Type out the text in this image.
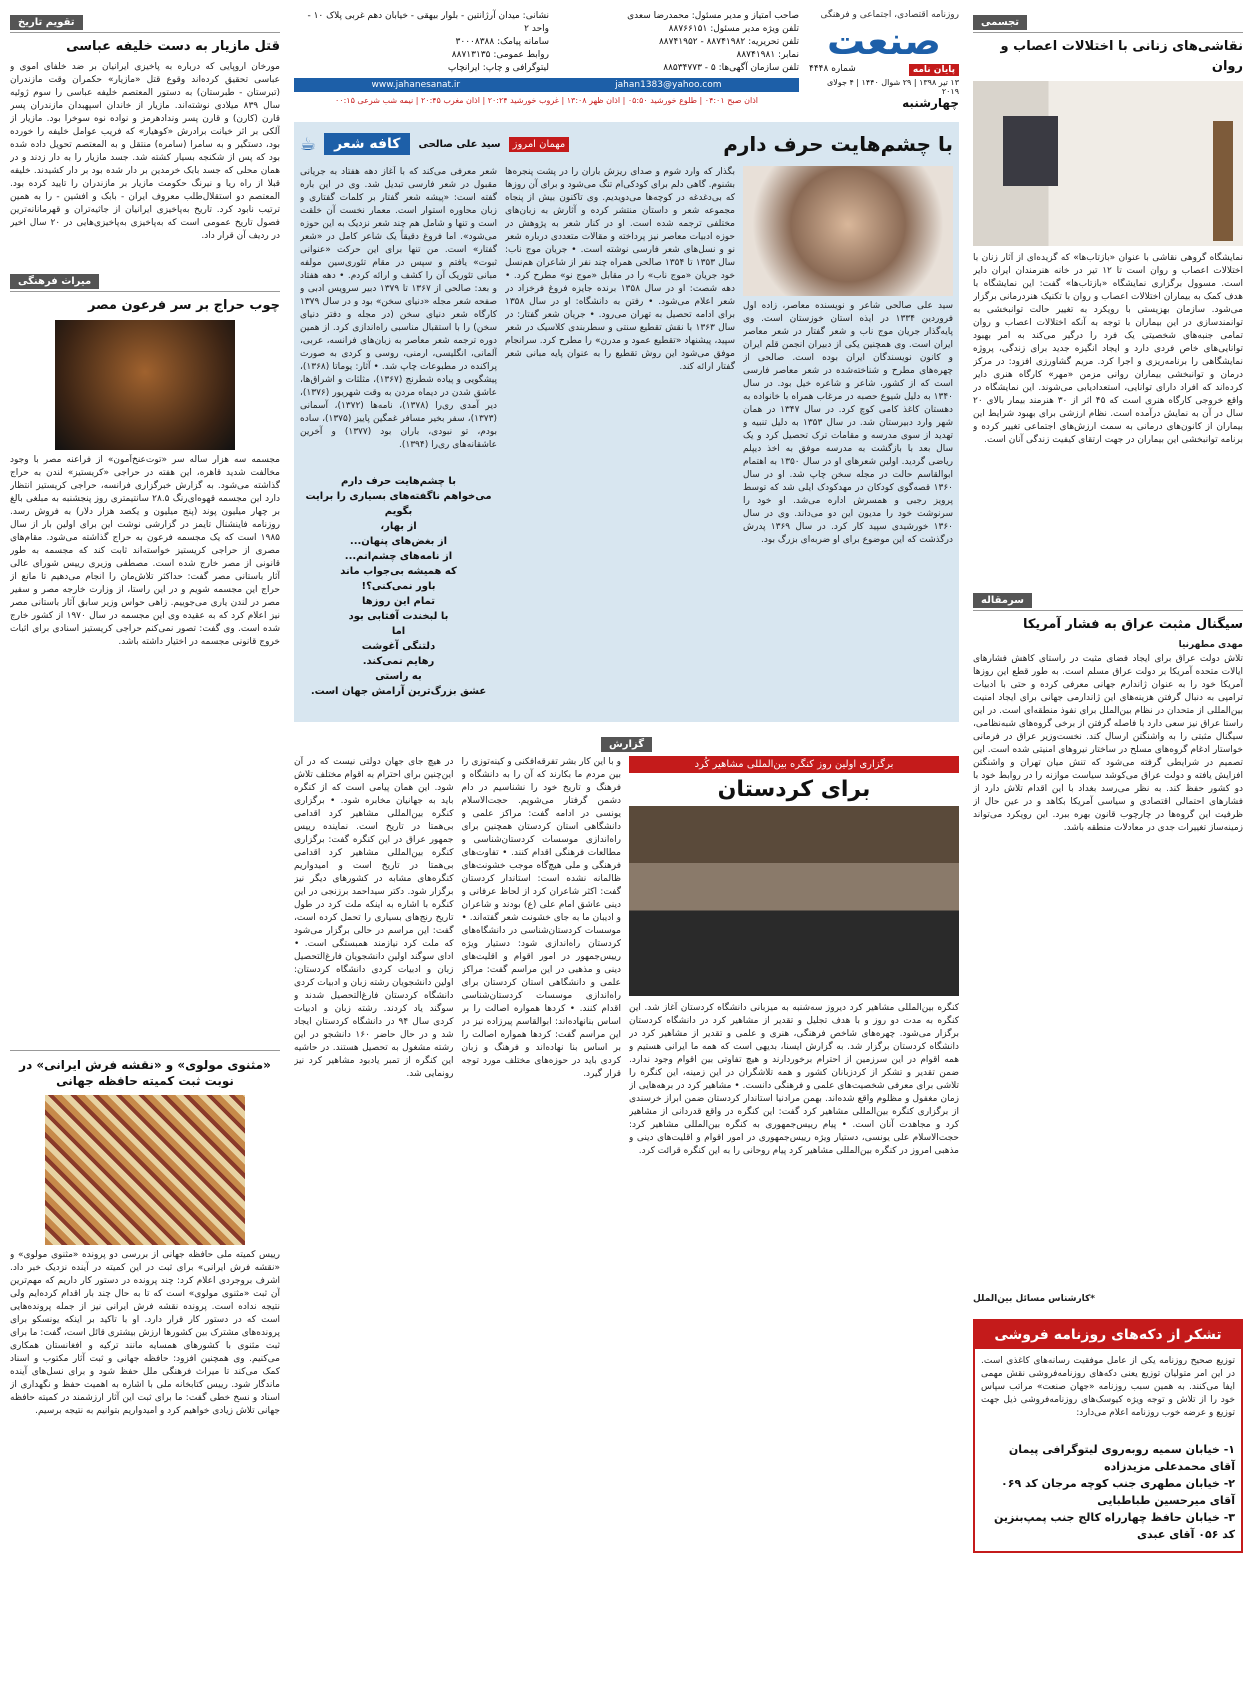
تقویم تاریخ
قتل مازیار به دست خلیفه عباسی
مورخان اروپایی که درباره به پاخیزی ایرانیان بر ضد خلفای اموی و عباسی تحقیق کرده‌اند وقوع قتل «مازیار» حکمران وقت مازندران (تبرستان - طبرستان) به دستور المعتصم خلیفه عباسی را سوم ژوئیه سال ۸۳۹ میلادی نوشته‌اند. مازیار از خاندان اسپهبدان مازندران پسر قارن (کارن) و قارن پسر وندادهرمز و نواده نوه سوخرا بود. مازیار از آلکی بر اثر خیانت برادرش «کوهیار» که فریب عوامل خلیفه را خورده بود، دستگیر و به سامرا (سامره) منتقل و به المعتصم تحویل داده شده بود که پس از شکنجه بسیار کشته شد. جسد مازیار را به دار زدند و در همان محلی که جسد بابک خرمدین بر دار شده بود بر دار کشیدند. خلیفه قبلا از راه ریا و نیرنگ حکومت مازیار بر مازندران را تایید کرده بود. المعتصم دو استقلال‌طلب معروف ایران - بابک و افشین - را به همین ترتیب نابود کرد. تاریخ به‌پاخیزی ایرانیان از جاثیه‌تران و قهرمانانه‌ترین فصول تاریخ عمومی است که به‌پاخیزی به‌پاخیزی‌هایی در ۲۰ سال اخیر در ردیف آن قرار داد.
میراث فرهنگی
چوب حراج بر سر فرعون مصر
مجسمه سه هزار ساله سر «توت‌عنخ‌آمون» از فراعنه مصر با وجود مخالفت شدید قاهره، این هفته در حراجی «کریستیز» لندن به حراج گذاشته می‌شود. به گزارش خبرگزاری فرانسه، حراجی کریستیز انتظار دارد این مجسمه قهوه‌ای‌رنگ ۲۸.۵ سانتیمتری روز پنجشنبه به مبلغی بالغ بر چهار میلیون پوند (پنج میلیون و یکصد هزار دلار) به فروش رسد. روزنامه فاینشنال تایمز در گزارشی نوشت این برای اولین بار از سال ۱۹۸۵ است که یک مجسمه فرعون به حراج گذاشته می‌شود. مقام‌های مصری از حراجی کریستیز خواسته‌اند ثابت کند که مجسمه به طور قانونی از مصر خارج شده است. مصطفی وزیری رییس شورای عالی آثار باستانی مصر گفت: حداکثر تلاش‌مان را انجام می‌دهیم تا مانع از حراج این مجسمه شویم و در این راستا، از وزارت خارجه مصر و سفیر مصر در لندن یاری می‌جوییم. زاهی حواس وزیر سابق آثار باستانی مصر نیز اعلام کرد که به عقیده وی این مجسمه در سال ۱۹۷۰ از کشور خارج شده است. وی گفت: تصور نمی‌کنم حراجی کریستیز اسنادی برای اثبات خروج قانونی مجسمه در اختیار داشته باشد.
«مثنوی مولوی» و «نقشه فرش ایرانی» در نوبت ثبت کمیته حافظه جهانی
رییس کمیته ملی حافظه جهانی از بررسی دو پرونده «مثنوی مولوی» و «نقشه فرش ایرانی» برای ثبت در این کمیته در آینده نزدیک خبر داد. اشرف بروجردی اعلام کرد: چند پرونده در دستور کار داریم که مهم‌ترین آن ثبت «مثنوی مولوی» است که تا به حال چند بار اقدام کرده‌ایم ولی نتیجه نداده است. پرونده نقشه فرش ایرانی نیز از جمله پرونده‌هایی است که در دستور کار قرار دارد. او با تاکید بر اینکه یونسکو برای پرونده‌های مشترک بین کشورها ارزش بیشتری قائل است، گفت: ما برای ثبت مثنوی با کشورهای همسایه مانند ترکیه و افغانستان همکاری می‌کنیم. وی همچنین افزود: حافظه جهانی و ثبت آثار مکتوب و اسناد کمک می‌کند تا میراث فرهنگی ملل حفظ شود و برای نسل‌های آینده ماندگار شود. رییس کتابخانه ملی با اشاره به اهمیت حفظ و نگهداری از اسناد و نسخ خطی گفت: ما برای ثبت این آثار ارزشمند در کمیته حافظه جهانی تلاش زیادی خواهیم کرد و امیدواریم بتوانیم به نتیجه برسیم.
تجسمی
نقاشی‌های زنانی با اختلالات اعصاب و روان
نمایشگاه گروهی نقاشی با عنوان «بازتاب‌ها» که گزیده‌ای از آثار زنان با اختلالات اعصاب و روان است تا ۱۲ تیر در خانه هنرمندان ایران دایر است. مسوول برگزاری نمایشگاه «بازتاب‌ها» گفت: این نمایشگاه با هدف کمک به بیماران اختلالات اعصاب و روان با تکنیک هنردرمانی برگزار می‌شود. سازمان بهزیستی با رویکرد به تغییر حالت توانبخشی به توانمندسازی در این بیماران با توجه به آنکه اختلالات اعصاب و روان تمامی جنبه‌های شخصیتی یک فرد را درگیر می‌کند به امر بهبود توانایی‌های خاص فردی دارد و ایجاد انگیزه جدید برای زندگی، پروژه نمایشگاهی را برنامه‌ریزی و اجرا کرد. مریم گشاورزی افزود: در مرکز درمان و توانبخشی بیماران روانی مزمن «مهر» کارگاه هنری دایر کرده‌اند که افراد دارای توانایی، استعدادیابی می‌شوند. این نمایشگاه در واقع خروجی کارگاه هنری است که ۴۵ اثر از ۳۰ هنرمند بیمار بالای ۲۰ سال در آن به نمایش درآمده است. نظام ارزشی برای بهبود شرایط این بیماران از کانون‌های درمانی به سمت ارزش‌های اجتماعی تغییر کرده و برنامه توانبخشی این بیماران در جهت ارتقای کیفیت زندگی آنان است.
سرمقاله
سیگنال مثبت عراق به فشار آمریکا
مهدی مطهرنیا
تلاش دولت عراق برای ایجاد فضای مثبت در راستای کاهش فشارهای ایالات متحده آمریکا بر دولت عراق مسلم است. به طور قطع این روزها آمریکا خود را به عنوان ژاندارم جهانی معرفی کرده و حتی با ادبیات ترامپی به دنبال گرفتن هزینه‌های این ژاندارمی جهانی برای ایجاد امنیت بین‌المللی از متحدان در نظام بین‌الملل برای نفوذ منطقه‌ای است. در این راستا عراق نیز سعی دارد با فاصله گرفتن از برخی گروه‌های شبه‌نظامی، سیگنال مثبتی را به واشنگتن ارسال کند. نخست‌وزیر عراق در فرمانی خواستار ادغام گروه‌های مسلح در ساختار نیروهای امنیتی شده است. این تصمیم در شرایطی گرفته می‌شود که تنش میان تهران و واشنگتن افزایش یافته و دولت عراق می‌کوشد سیاست موازنه را در روابط خود با دو کشور حفظ کند. به نظر می‌رسد بغداد با این اقدام تلاش دارد از فشارهای احتمالی اقتصادی و سیاسی آمریکا بکاهد و در عین حال از ظرفیت این گروه‌ها در چارچوب قانون بهره ببرد. این رویکرد می‌تواند زمینه‌ساز تغییرات جدی در معادلات منطقه باشد.
*کارشناس مسائل بین‌الملل
تشکر از دکه‌های روزنامه فروشی
توزیع صحیح روزنامه یکی از عامل موفقیت رسانه‌های کاغذی است. در این امر متولیان توزیع یعنی دکه‌های روزنامه‌فروشی نقش مهمی ایفا می‌کنند. به همین سبب روزنامه «جهان صنعت» مراتب سپاس خود را از تلاش و توجه ویژه کیوسک‌های روزنامه‌فروشی ذیل جهت توزیع و عرضه خوب روزنامه اعلام می‌دارد:
۱- خیابان سمیه روبه‌روی لیتوگرافی پیمان آقای محمدعلی مزیدزاده
۲- خیابان مطهری جنب کوچه مرجان کد ۰۶۹ آقای میرحسین طباطبایی
۳- خیابان حافظ چهارراه کالج جنب پمپ‌بنزین کد ۰۵۶ آقای عبدی
روزنامه اقتصادی، اجتماعی و فرهنگی
صنعت
پایان نامه
شماره ۴۴۴۸
۱۳ تیر ۱۳۹۸ | ۲۹ شوال ۱۴۴۰ | ۴ جولای ۲۰۱۹
چهارشنبه
صاحب امتیاز و مدیر مسئول: محمدرضا سعدی
تلفن ویژه مدیر مسئول: ۸۸۷۶۶۱۵۱
تلفن تحریریه: ۸۸۷۴۱۹۸۲ - ۸۸۷۴۱۹۵۲
نمابر: ۸۸۷۴۱۹۸۱
تلفن سازمان آگهی‌ها: ۵ - ۸۸۵۳۴۷۷۳
نشانی: میدان آرژانتین - بلوار بیهقی - خیابان دهم غربی پلاک ۱۰ - واحد ۲
سامانه پیامک: ۳۰۰۰۸۳۸۸
روابط عمومی: ۸۸۷۱۳۱۳۵
لیتوگرافی و چاپ: ایرانچاپ
www.jahanesanat.ir	jahan1383@yahoo.com
اذان صبح ۰۴:۰۱ | طلوع خورشید ۰۵:۵۰ | اذان ظهر ۱۳:۰۸ | غروب خورشید ۲۰:۲۴ | اذان مغرب ۲۰:۴۵ | نیمه شب شرعی ۰۰:۱۵
با چشم‌هایت حرف دارم
مهمان امروز
سید علی صالحی
کافه شعر
☕
سید علی صالحی شاعر و نویسنده معاصر، زاده اول فروردین ۱۳۳۴ در ایذه استان خوزستان است. وی پایه‌گذار جریان موج ناب و شعر گفتار در شعر معاصر ایران است. وی همچنین یکی از دبیران انجمن قلم ایران و کانون نویسندگان ایران بوده است. صالحی از چهره‌های مطرح و شناخته‌شده در شعر معاصر فارسی است که از کشور، شاعر و شاعره خیل بود. در سال ۱۳۴۰ به دلیل شیوع حصبه در مرغاب همراه با خانواده به دهستان کاغذ کامی کوچ کرد. در سال ۱۳۴۷ در همان شهر وارد دبیرستان شد. در سال ۱۳۵۳ به دلیل تنبیه و تهدید از سوی مدرسه و مقامات ترک تحصیل کرد و یک سال بعد با بازگشت به مدرسه موفق به اخذ دیپلم ریاضی گردید. اولین شعرهای او در سال ۱۳۵۰ به اهتمام ابوالقاسم حالت در مجله سخن چاپ شد. او در سال ۱۳۶۰ قصه‌گوی کودکان در مهدکودک ایلی شد که توسط پرویز رجبی و همسرش اداره می‌شد. او خود را سرنوشت خود را مدیون این دو می‌داند. وی در سال ۱۳۶۰ خورشیدی سپید کار کرد. در سال ۱۳۶۹ پدرش درگذشت که این موضوع برای او ضربه‌ای بزرگ بود.
بگذار که وارد شوم و صدای ریزش باران را در پشت پنجره‌ها بشنوم. گاهی دلم برای کودکی‌ام تنگ می‌شود و برای آن روزها که بی‌دغدغه در کوچه‌ها می‌دویدیم. وی تاکنون بیش از پنجاه مجموعه شعر و داستان منتشر کرده و آثارش به زبان‌های مختلفی ترجمه شده است. او در کنار شعر به پژوهش در حوزه ادبیات معاصر نیز پرداخته و مقالات متعددی درباره شعر نو و نسل‌های شعر فارسی نوشته است. • جریان موج ناب: سال ۱۳۵۳ تا ۱۳۵۴ صالحی همراه چند نفر از شاعران هم‌نسل خود جریان «موج ناب» را در مقابل «موج نو» مطرح کرد. • دهه شصت: او در سال ۱۳۵۸ برنده جایزه فروغ فرخزاد در شعر اعلام می‌شود. • رفتن به دانشگاه: او در سال ۱۳۵۸ برای ادامه تحصیل به تهران می‌رود. • جریان شعر گفتار: در سال ۱۳۶۳ با نقش تقطیع سنتی و سطربندی کلاسیک در شعر سپید، پیشنهاد «تقطیع عمود و مدرن» را مطرح کرد. سرانجام موفق می‌شود این روش تقطیع را به عنوان پایه مبانی شعر گفتار ارائه کند.
شعر معرفی می‌کند که با آغاز دهه هفتاد به جریانی مقبول در شعر فارسی تبدیل شد. وی در این باره گفته است: «پیشه شعر گفتار بر کلمات گفتاری و زبان محاوره استوار است. معمار نخست آن خلقت است و تنها و شامل هم چند شعر نزدیک به این حوزه می‌شود». اما فروغ دقیقاً یک شاعر کامل در «شعر گفتار» است. من تنها برای این حرکت «عنوانی ثبوت» یافتم و سپس در مقام تئوری‌سین مولفه مبانی تئوریک آن را کشف و ارائه کردم. • دهه هفتاد و بعد: صالحی از ۱۳۶۷ تا ۱۳۷۹ دبیر سرویس ادبی و صفحه شعر مجله «دنیای سخن» بود و در سال ۱۳۷۹ کارگاه شعر دنیای سخن (در مجله و دفتر دنیای سخن) را با استقبال مناسبی راه‌اندازی کرد. از همین دوره ترجمه شعر معاصر به زبان‌های فرانسه، عربی، آلمانی، انگلیسی، ارمنی، روسی و کردی به صورت پراکنده در مطبوعات چاپ شد. • آثار: یوماتا (۱۳۶۸)، پیشگویی و پیاده شطرنج (۱۳۶۷)، مثلثات و اشراق‌ها، عاشق شدن در دیماه مردن به وقت شهریور (۱۳۷۶)، دیر آمدی ری‌را (۱۳۷۸)، نامه‌ها (۱۳۷۲)، آسمانی (۱۳۷۳)، سفر بخیر مسافر غمگین پاییز (۱۳۷۵)، ساده بودم، تو نبودی، باران بود (۱۳۷۷) و آخرین عاشقانه‌های ری‌را (۱۳۹۴).
با چشم‌هایت حرف دارم
می‌خواهم ناگفته‌های بسیاری را برایت بگویم
از بهار،
از بغض‌های پنهان...
از نامه‌های چشم‌انم...
که همیشه بی‌جواب ماند
باور نمی‌کنی؟!
تمام این روزها
با لبخندت آفتابی بود
اما
دلتنگی آغوشت
رهایم نمی‌کند.
به راستی
عشق بزرگ‌ترین آرامش جهان است.
گزارش
برگزاری اولین روز کنگره بین‌المللی مشاهیر کُرد
برای کردستان
کنگره بین‌المللی مشاهیر کرد دیروز سه‌شنبه به میزبانی دانشگاه کردستان آغاز شد. این کنگره به مدت دو روز و با هدف تجلیل و تقدیر از مشاهیر کرد در دانشگاه کردستان برگزار می‌شود. چهره‌های شاخص فرهنگی، هنری و علمی و تقدیر از مشاهیر کرد در دانشگاه کردستان برگزار شد. به گزارش ایسنا، بدیهی است که همه ما ایرانی هستیم و همه اقوام در این سرزمین از احترام برخوردارند و هیچ تفاوتی بین اقوام وجود ندارد. ضمن تقدیر و تشکر از کردزبانان کشور و همه تلاشگران در این زمینه، این کنگره را تلاشی برای معرفی شخصیت‌های علمی و فرهنگی دانست. • مشاهیر کرد در برهه‌هایی از زمان مغفول و مظلوم واقع شده‌اند. بهمن مرادنیا استاندار کردستان ضمن ابراز خرسندی از برگزاری کنگره بین‌المللی مشاهیر کرد گفت: این کنگره در واقع قدردانی از مشاهیر کرد و مجاهدت آنان است. • پیام رییس‌جمهوری به کنگره بین‌المللی مشاهیر کرد: حجت‌الاسلام علی یونسی، دستیار ویژه رییس‌جمهوری در امور اقوام و اقلیت‌های دینی و مذهبی امروز در کنگره بین‌المللی مشاهیر کرد پیام روحانی را به این کنگره قرائت کرد.
و با این کار بشر تفرقه‌افکنی و کینه‌توزی را بین مردم ما بکارند که آن را به دانشگاه و فرهنگ و تاریخ خود را نشناسیم در دام دشمن گرفتار می‌شویم. حجت‌الاسلام یونسی در ادامه گفت: مراکز علمی و دانشگاهی استان کردستان همچنین برای راه‌اندازی موسسات کردستان‌شناسی و مطالعات فرهنگی اقدام کنند. • تفاوت‌های فرهنگی و ملی هیچ‌گاه موجب خشونت‌های ظالمانه نشده است: استاندار کردستان گفت: اکثر شاعران کرد از لحاظ عرفانی و دینی عاشق امام علی (ع) بودند و شاعران و ادیبان ما به جای خشونت شعر گفته‌اند. • موسسات کردستان‌شناسی در دانشگاه‌های کردستان راه‌اندازی شود: دستیار ویژه رییس‌جمهور در امور اقوام و اقلیت‌های دینی و مذهبی در این مراسم گفت: مراکز علمی و دانشگاهی استان کردستان برای راه‌اندازی موسسات کردستان‌شناسی اقدام کنند. • کردها همواره اصالت را بر اساس بنانهاده‌اند: ابوالقاسم پیرزاده نیز در این مراسم گفت: کردها همواره اصالت را بر اساس بنا نهاده‌اند و فرهنگ و زبان کردی باید در حوزه‌های مختلف مورد توجه قرار گیرد.
در هیچ جای جهان دولتی نیست که در آن این‌چنین برای احترام به اقوام مختلف تلاش شود. این همان پیامی است که از کنگره باید به جهانیان مخابره شود. • برگزاری کنگره بین‌المللی مشاهیر کرد اقدامی بی‌همتا در تاریخ است. نماینده رییس جمهور عراق در این کنگره گفت: برگزاری کنگره بین‌المللی مشاهیر کرد اقدامی بی‌همتا در تاریخ است و امیدواریم کنگره‌های مشابه در کشورهای دیگر نیز برگزار شود. دکتر سیداحمد برزنجی در این کنگره با اشاره به اینکه ملت کرد در طول تاریخ رنج‌های بسیاری را تحمل کرده است، گفت: این مراسم در حالی برگزار می‌شود که ملت کرد نیازمند همبستگی است. • ادای سوگند اولین دانشجویان فارغ‌التحصیل زبان و ادبیات کردی دانشگاه کردستان: اولین دانشجویان رشته زبان و ادبیات کردی دانشگاه کردستان فارغ‌التحصیل شدند و سوگند یاد کردند. رشته زبان و ادبیات کردی سال ۹۴ در دانشگاه کردستان ایجاد شد و در حال حاضر ۱۶۰ دانشجو در این رشته مشغول به تحصیل هستند. در حاشیه این کنگره از تمبر یادبود مشاهیر کرد نیز رونمایی شد.
